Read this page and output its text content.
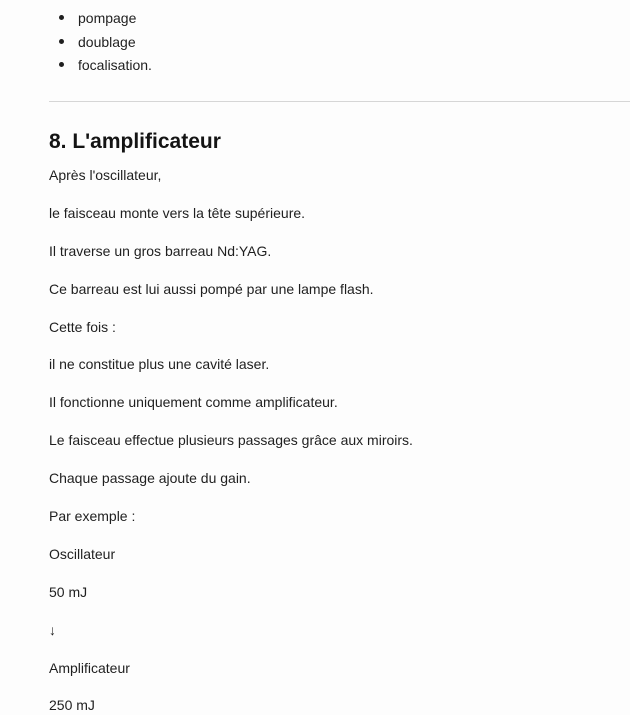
pompage
doublage
focalisation.
8. L'amplificateur

Après l'oscillateur,

le faisceau monte vers la tête supérieure.

Il traverse un gros barreau Nd:YAG.

Ce barreau est lui aussi pompé par une lampe flash.

Cette fois :

il ne constitue plus une cavité laser.

Il fonctionne uniquement comme amplificateur.

Le faisceau effectue plusieurs passages grâce aux miroirs.

Chaque passage ajoute du gain.

Par exemple :

Oscillateur

50 mJ

↓

Amplificateur

250 mJ
